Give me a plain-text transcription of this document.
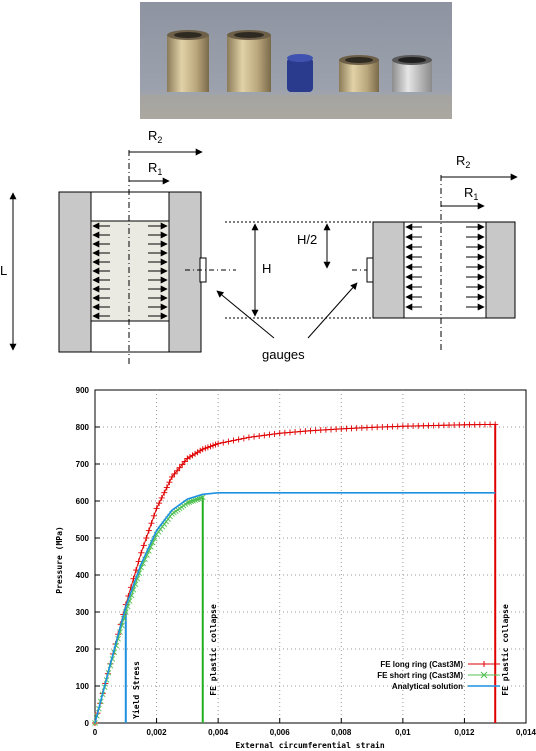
$R_2$
$R_1$
L	H
H/2
gauges
$R_2$
$R_1$
0
100
200
300
400
500
600
700
800
900
0	0,002	0,004	0,006	0,008	0,01	0,012	0,014
Yield Stress	FE plastic collapse	FE plastic collapse
Pressure (MPa)
External circumferential strain
FE long ring (Cast3M)
FE short ring (Cast3M)
Analytical solution
